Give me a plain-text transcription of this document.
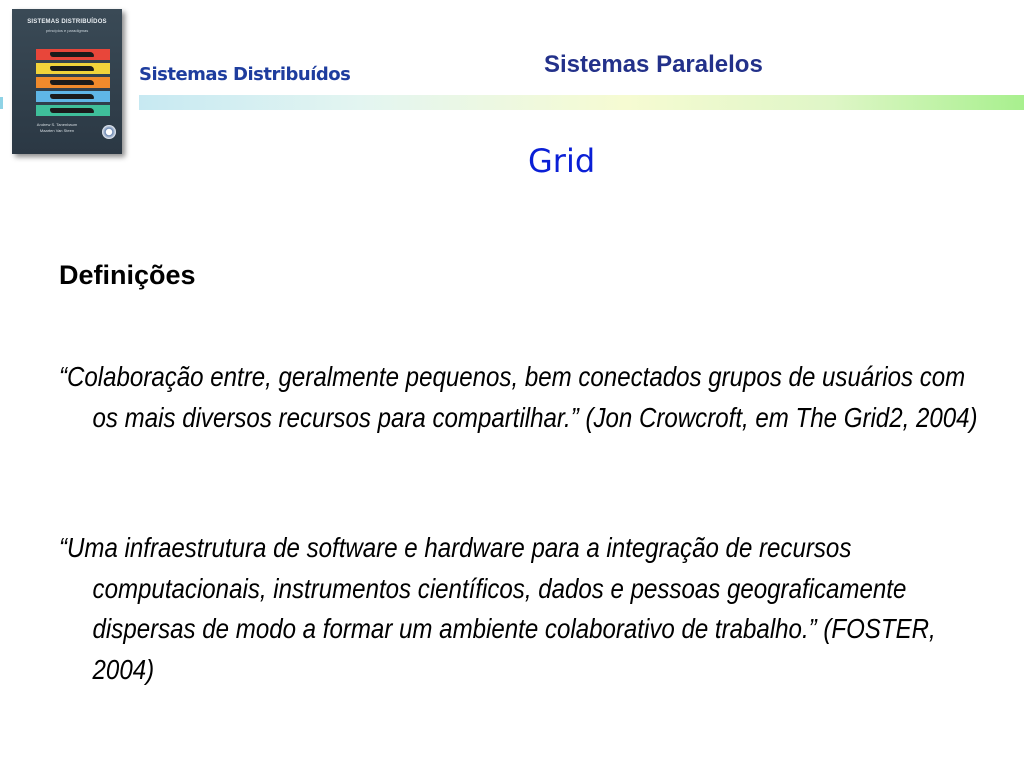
SISTEMAS DISTRIBUÍDOS
princípios e paradigmas
Andrew S. Tanenbaum
Maarten Van Steen
Sistemas Distribuídos	Sistemas Paralelos
Grid
Definições
“Colaboração entre, geralmente pequenos, bem conectados grupos de usuários com os mais diversos recursos para compartilhar.” (Jon Crowcroft, em The Grid2, 2004)
“Uma infraestrutura de software e hardware para a integração de recursos computacionais, instrumentos científicos, dados e pessoas geograficamente dispersas de modo a formar um ambiente colaborativo de trabalho.” (FOSTER, 2004)
